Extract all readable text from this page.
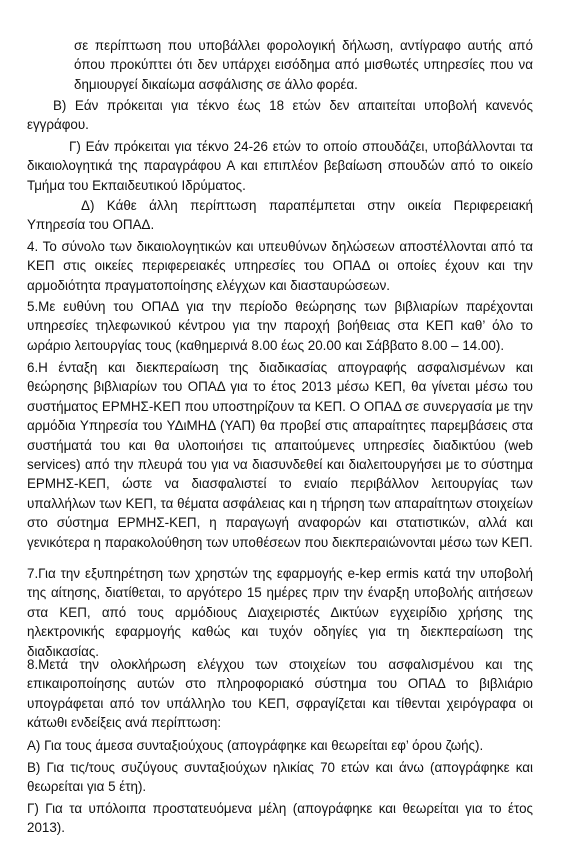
σε περίπτωση που υποβάλλει φορολογική δήλωση, αντίγραφο αυτής από όπου προκύπτει ότι δεν υπάρχει εισόδημα από μισθωτές υπηρεσίες που να δημιουργεί δικαίωμα ασφάλισης σε άλλο φορέα.

Β) Εάν πρόκειται για τέκνο έως 18 ετών δεν απαιτείται υποβολή κανενός εγγράφου.

Γ) Εάν πρόκειται για τέκνο 24-26 ετών το οποίο σπουδάζει, υποβάλλονται τα δικαιολογητικά της παραγράφου Α και επιπλέον βεβαίωση σπουδών από το οικείο Τμήμα του Εκπαιδευτικού Ιδρύματος.

Δ) Κάθε άλλη περίπτωση παραπέμπεται στην οικεία Περιφερειακή Υπηρεσία του ΟΠΑΔ.

4. Το σύνολο των δικαιολογητικών και υπευθύνων δηλώσεων αποστέλλονται από τα ΚΕΠ στις οικείες περιφερειακές υπηρεσίες του ΟΠΑΔ οι οποίες έχουν και την αρμοδιότητα πραγματοποίησης ελέγχων και διασταυρώσεων.

5.Με ευθύνη του ΟΠΑΔ για την περίοδο θεώρησης των βιβλιαρίων παρέχονται υπηρεσίες τηλεφωνικού κέντρου για την παροχή βοήθειας στα ΚΕΠ καθ’ όλο το ωράριο λειτουργίας τους (καθημερινά 8.00 έως 20.00 και Σάββατο 8.00 – 14.00).

6.Η ένταξη και διεκπεραίωση της διαδικασίας απογραφής ασφαλισμένων και θεώρησης βιβλιαρίων του ΟΠΑΔ για το έτος 2013 μέσω ΚΕΠ, θα γίνεται μέσω του συστήματος ΕΡΜΗΣ-ΚΕΠ που υποστηρίζουν τα ΚΕΠ. Ο ΟΠΑΔ σε συνεργασία με την αρμόδια Υπηρεσία του ΥΔιΜΗΔ (ΥΑΠ) θα προβεί στις απαραίτητες παρεμβάσεις στα συστήματά του και θα υλοποιήσει τις απαιτούμενες υπηρεσίες διαδικτύου (web services) από την πλευρά του για να διασυνδεθεί και διαλειτουργήσει με το σύστημα ΕΡΜΗΣ-ΚΕΠ, ώστε να διασφαλιστεί το ενιαίο περιβάλλον λειτουργίας των υπαλλήλων των ΚΕΠ, τα θέματα ασφάλειας και η τήρηση των απαραίτητων στοιχείων στο σύστημα ΕΡΜΗΣ-ΚΕΠ, η παραγωγή αναφορών και στατιστικών, αλλά και γενικότερα η παρακολούθηση των υποθέσεων που διεκπεραιώνονται μέσω των ΚΕΠ.

7.Για την εξυπηρέτηση των χρηστών της εφαρμογής e-kep ermis κατά την υποβολή της αίτησης, διατίθεται, το αργότερο 15 ημέρες πριν την έναρξη υποβολής αιτήσεων στα ΚΕΠ, από τους αρμόδιους Διαχειριστές Δικτύων εγχειρίδιο χρήσης της ηλεκτρονικής εφαρμογής καθώς και τυχόν οδηγίες για τη διεκπεραίωση της διαδικασίας.

8.Μετά την ολοκλήρωση ελέγχου των στοιχείων του ασφαλισμένου και της επικαιροποίησης αυτών στο πληροφοριακό σύστημα του ΟΠΑΔ το βιβλιάριο υπογράφεται από τον υπάλληλο του ΚΕΠ, σφραγίζεται και τίθενται χειρόγραφα οι κάτωθι ενδείξεις ανά περίπτωση:

Α) Για τους άμεσα συνταξιούχους (απογράφηκε και θεωρείται εφ’ όρου ζωής).

Β) Για τις/τους συζύγους συνταξιούχων ηλικίας 70 ετών και άνω (απογράφηκε και θεωρείται για 5 έτη).

Γ) Για τα υπόλοιπα προστατευόμενα μέλη (απογράφηκε και θεωρείται για το έτος 2013).
